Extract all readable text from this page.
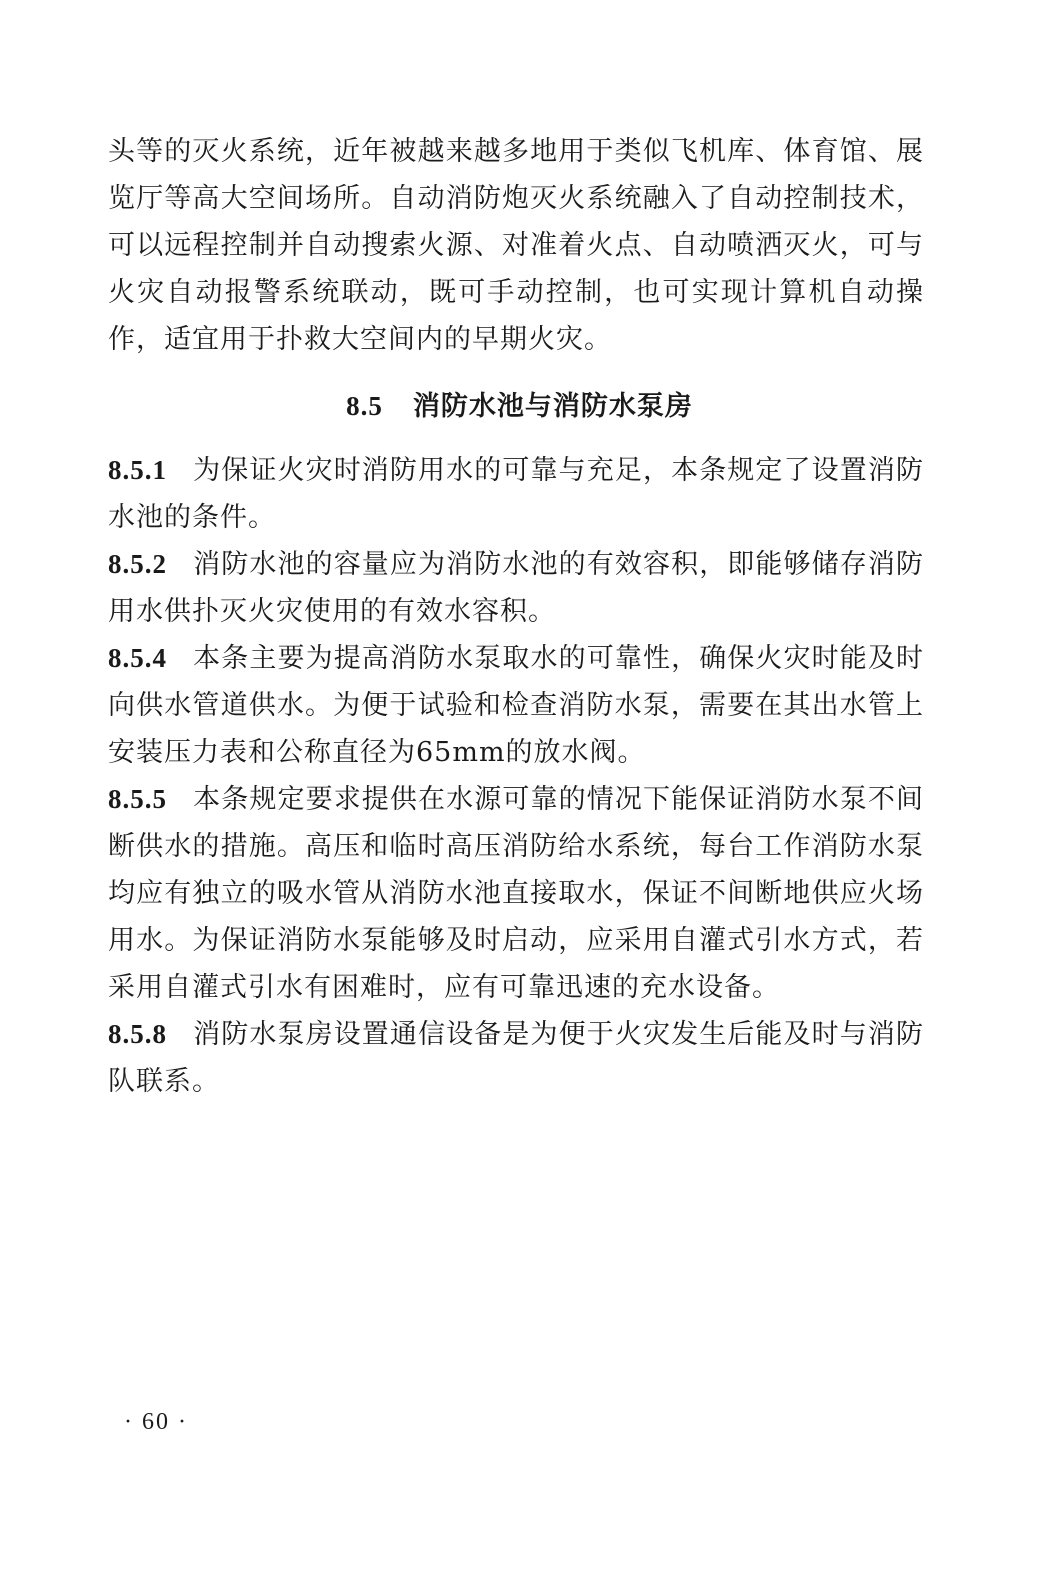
头等的灭火系统，近年被越来越多地用于类似飞机库、体育馆、展览厅等高大空间场所。自动消防炮灭火系统融入了自动控制技术，可以远程控制并自动搜索火源、对准着火点、自动喷洒灭火，可与火灾自动报警系统联动，既可手动控制，也可实现计算机自动操作，适宜用于扑救大空间内的早期火灾。

8.5 消防水池与消防水泵房

8.5.1 为保证火灾时消防用水的可靠与充足，本条规定了设置消防水池的条件。

8.5.2 消防水池的容量应为消防水池的有效容积，即能够储存消防用水供扑灭火灾使用的有效水容积。

8.5.4 本条主要为提高消防水泵取水的可靠性，确保火灾时能及时向供水管道供水。为便于试验和检查消防水泵，需要在其出水管上安装压力表和公称直径为65mm的放水阀。

8.5.5 本条规定要求提供在水源可靠的情况下能保证消防水泵不间断供水的措施。高压和临时高压消防给水系统，每台工作消防水泵均应有独立的吸水管从消防水池直接取水，保证不间断地供应火场用水。为保证消防水泵能够及时启动，应采用自灌式引水方式，若采用自灌式引水有困难时，应有可靠迅速的充水设备。

8.5.8 消防水泵房设置通信设备是为便于火灾发生后能及时与消防队联系。

· 60 ·
